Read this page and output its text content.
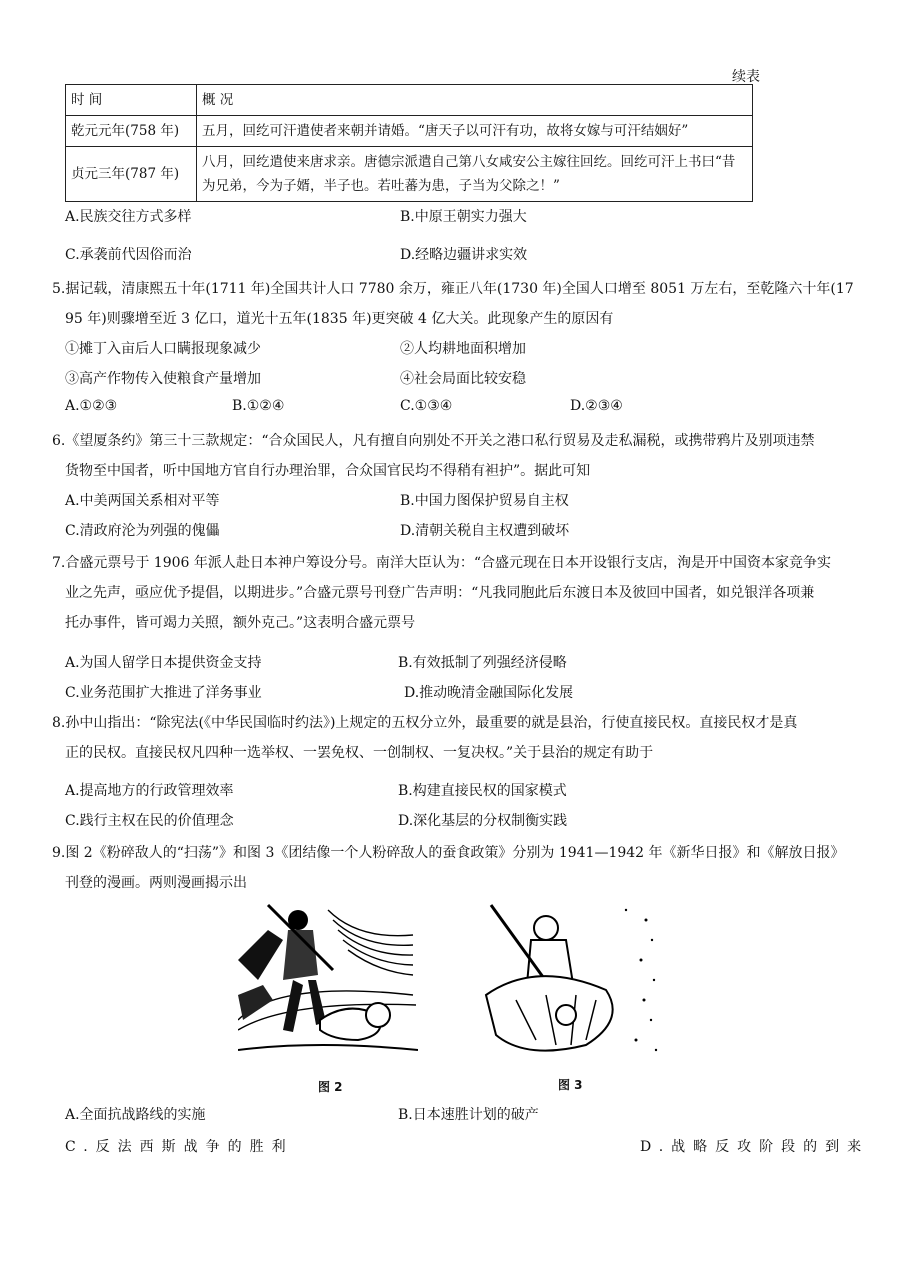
续表
时 间	概 况
乾元元年(758 年)	五月，回纥可汗遣使者来朝并请婚。“唐天子以可汗有功，故将女嫁与可汗结姻好”
贞元三年(787 年)	八月，回纥遣使来唐求亲。唐德宗派遣自己第八女咸安公主嫁往回纥。回纥可汗上书曰“昔为兄弟，今为子婿，半子也。若吐蕃为患，子当为父除之！”
A.民族交往方式多样	B.中原王朝实力强大
C.承袭前代因俗而治	D.经略边疆讲求实效
5.据记载，清康熙五十年(1711 年)全国共计人口 7780 余万，雍正八年(1730 年)全国人口增至 8051 万左右，至乾隆六十年(17
95 年)则骤增至近 3 亿口，道光十五年(1835 年)更突破 4 亿大关。此现象产生的原因有
①摊丁入亩后人口瞒报现象减少	②人均耕地面积增加
③高产作物传入使粮食产量增加	④社会局面比较安稳
A.①②③	B.①②④	C.①③④	D.②③④
6.《望厦条约》第三十三款规定：“合众国民人，凡有擅自向别处不开关之港口私行贸易及走私漏税，或携带鸦片及别项违禁
货物至中国者，听中国地方官自行办理治罪，合众国官民均不得稍有袒护”。据此可知
A.中美两国关系相对平等	B.中国力图保护贸易自主权
C.清政府沦为列强的傀儡	D.清朝关税自主权遭到破坏
7.合盛元票号于 1906 年派人赴日本神户筹设分号。南洋大臣认为：“合盛元现在日本开设银行支店，洵是开中国资本家竞争实
业之先声，亟应优予提倡，以期进步。”合盛元票号刊登广告声明：“凡我同胞此后东渡日本及彼回中国者，如兑银洋各项兼
托办事件，皆可竭力关照，额外克己。”这表明合盛元票号
A.为国人留学日本提供资金支持	B.有效抵制了列强经济侵略
C.业务范围扩大推进了洋务事业	D.推动晚清金融国际化发展
8.孙中山指出：“除宪法(《中华民国临时约法》)上规定的五权分立外，最重要的就是县治，行使直接民权。直接民权才是真
正的民权。直接民权凡四种一选举权、一罢免权、一创制权、一复决权。”关于县治的规定有助于
A.提高地方的行政管理效率	B.构建直接民权的国家模式
C.践行主权在民的价值理念	D.深化基层的分权制衡实践
9.图 2《粉碎敌人的“扫荡”》和图 3《团结像一个人粉碎敌人的蚕食政策》分别为 1941—1942 年《新华日报》和《解放日报》
刊登的漫画。两则漫画揭示出
图 2	图 3
A.全面抗战路线的实施	B.日本速胜计划的破产
C.反法西斯战争的胜利	D.战略反攻阶段的到来
